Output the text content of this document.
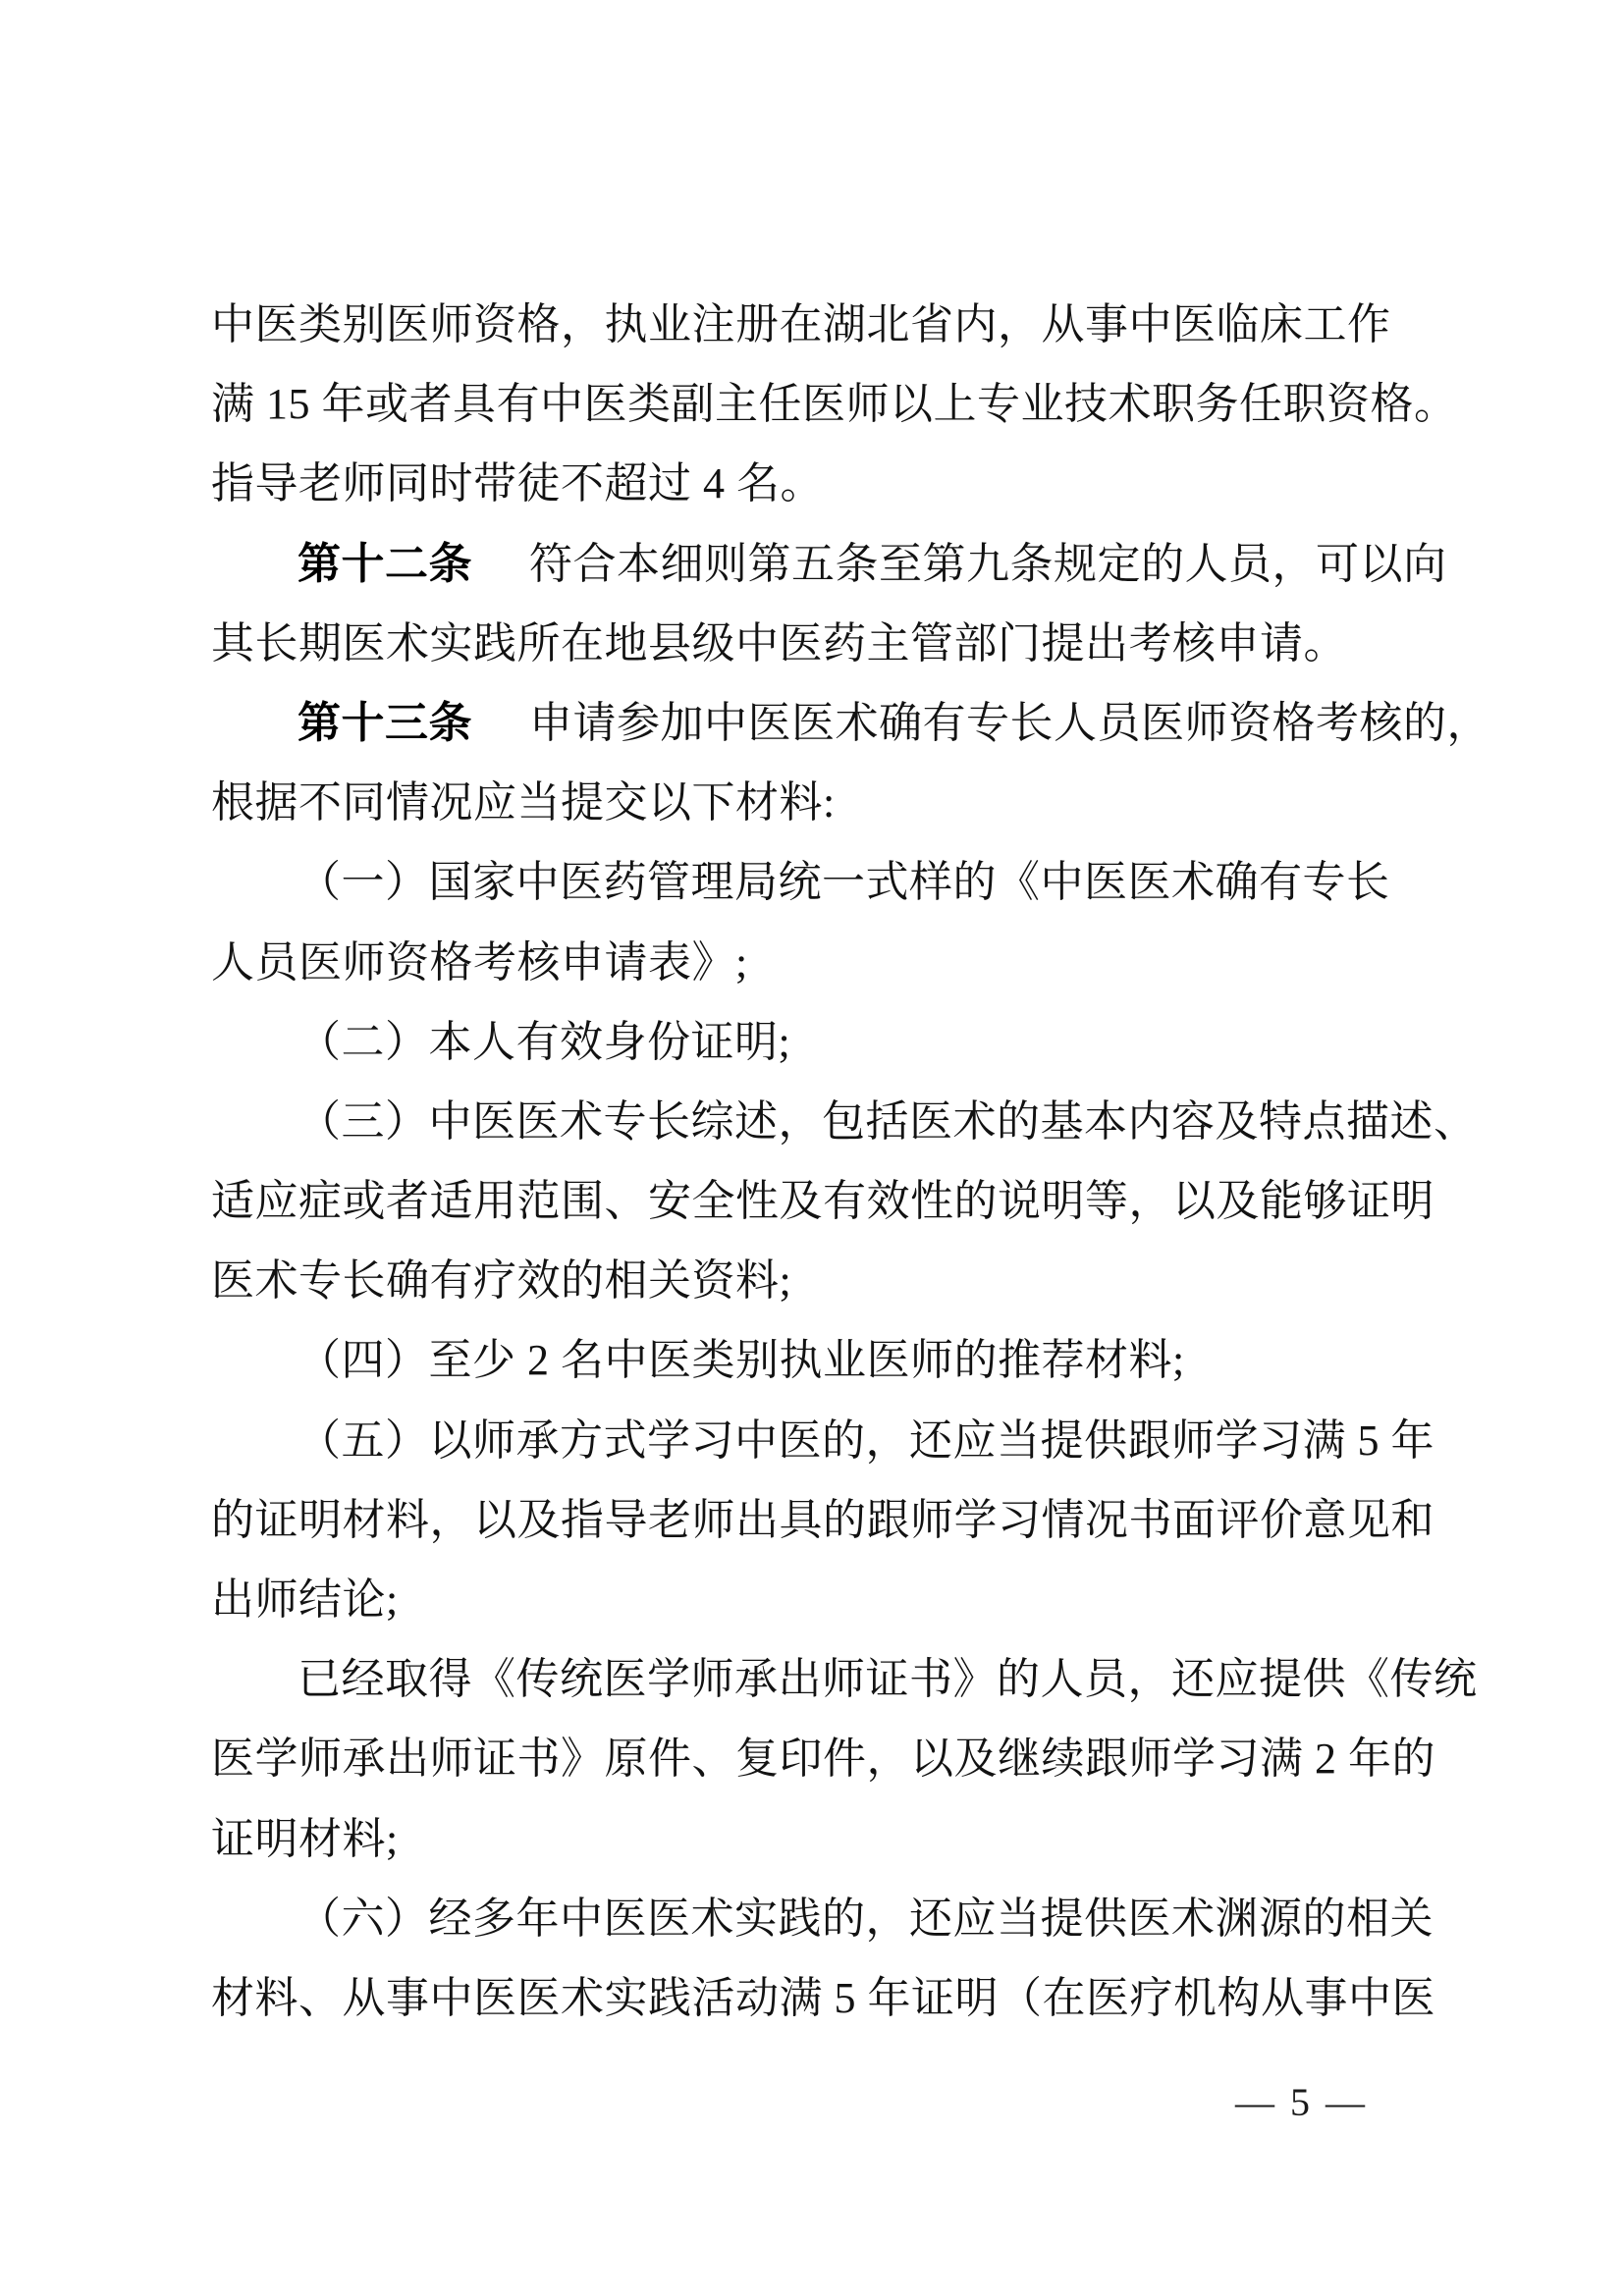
中医类别医师资格，执业注册在湖北省内，从事中医临床工作
满 15 年或者具有中医类副主任医师以上专业技术职务任职资格。
指导老师同时带徒不超过 4 名。
第十二条 符合本细则第五条至第九条规定的人员，可以向
其长期医术实践所在地县级中医药主管部门提出考核申请。
第十三条 申请参加中医医术确有专长人员医师资格考核的，
根据不同情况应当提交以下材料:
（一）国家中医药管理局统一式样的《中医医术确有专长
人员医师资格考核申请表》;
（二）本人有效身份证明;
（三）中医医术专长综述，包括医术的基本内容及特点描述、
适应症或者适用范围、安全性及有效性的说明等，以及能够证明
医术专长确有疗效的相关资料;
（四）至少 2 名中医类别执业医师的推荐材料;
（五）以师承方式学习中医的，还应当提供跟师学习满 5 年
的证明材料，以及指导老师出具的跟师学习情况书面评价意见和
出师结论;
已经取得《传统医学师承出师证书》的人员，还应提供《传统
医学师承出师证书》原件、复印件，以及继续跟师学习满 2 年的
证明材料;
（六）经多年中医医术实践的，还应当提供医术渊源的相关
材料、从事中医医术实践活动满 5 年证明（在医疗机构从事中医
— 5 —
